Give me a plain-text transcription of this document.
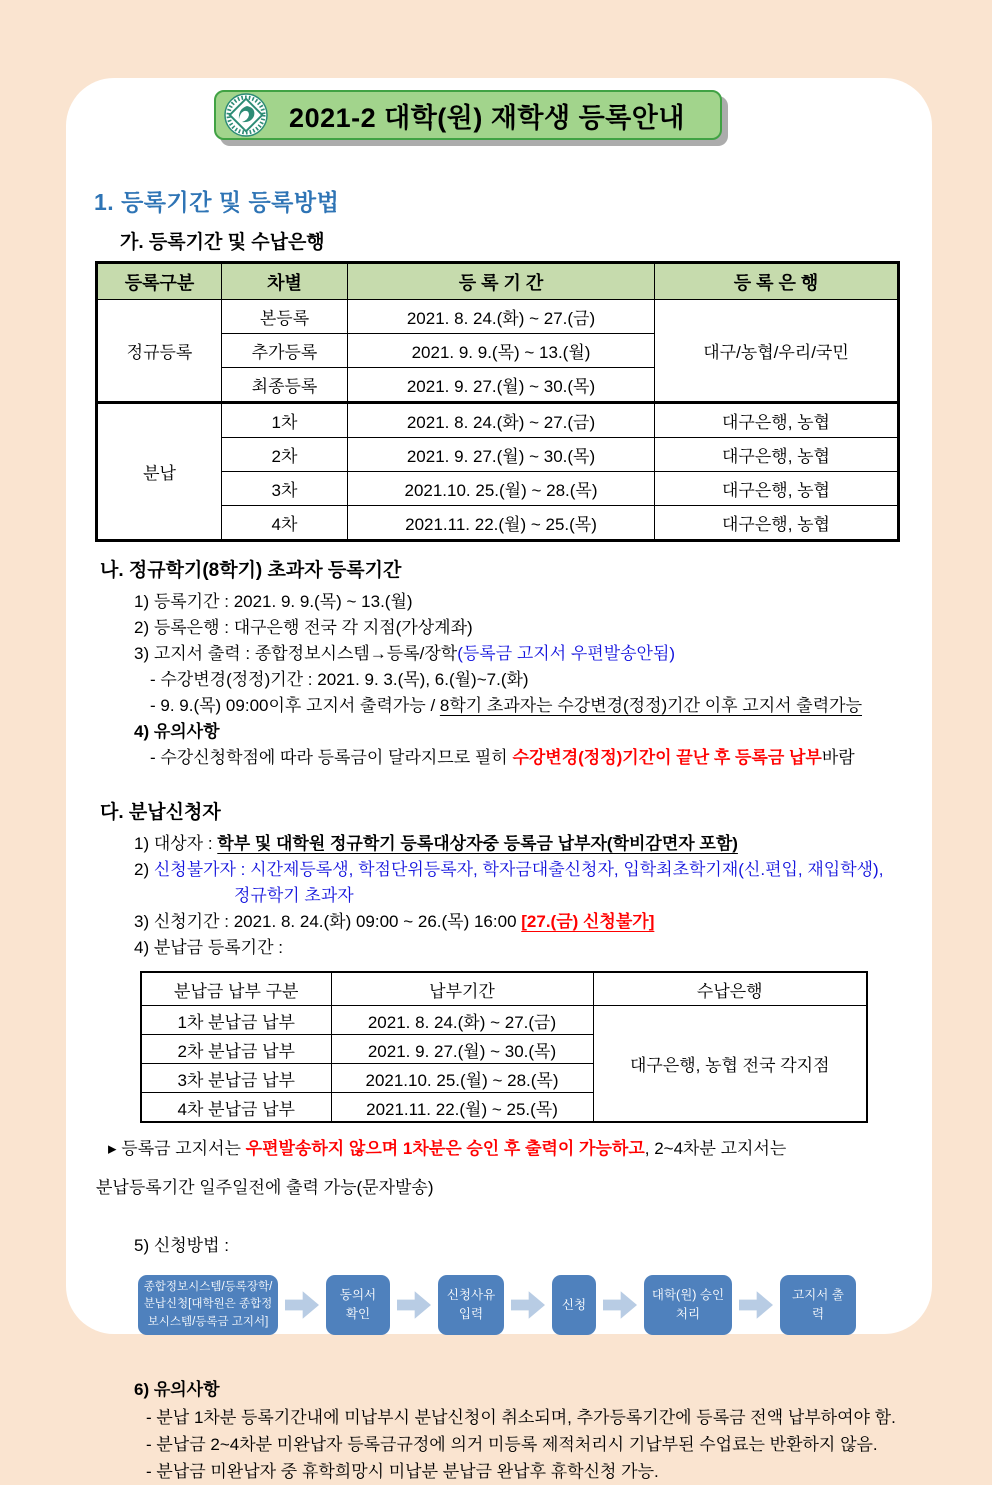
2021-2 대학(원) 재학생 등록안내
1. 등록기간 및 등록방법
가. 등록기간 및 수납은행
등록구분	차별	등 록 기 간	등 록 은 행
정규등록	본등록	2021. 8. 24.(화) ~ 27.(금)	대구/농협/우리/국민
	추가등록	2021. 9. 9.(목) ~ 13.(월)	
	최종등록	2021. 9. 27.(월) ~ 30.(목)	
분납	1차	2021. 8. 24.(화) ~ 27.(금)	대구은행, 농협
	2차	2021. 9. 27.(월) ~ 30.(목)	대구은행, 농협
	3차	2021.10. 25.(월) ~ 28.(목)	대구은행, 농협
	4차	2021.11. 22.(월) ~ 25.(목)	대구은행, 농협
나. 정규학기(8학기) 초과자 등록기간
1) 등록기간 : 2021. 9. 9.(목) ~ 13.(월)
2) 등록은행 : 대구은행 전국 각 지점(가상계좌)
3) 고지서 출력 : 종합정보시스템→등록/장학(등록금 고지서 우편발송안됨)
- 수강변경(정정)기간 : 2021. 9. 3.(목), 6.(월)~7.(화)
- 9. 9.(목) 09:00이후 고지서 출력가능 / 8학기 초과자는 수강변경(정정)기간 이후 고지서 출력가능
4) 유의사항
- 수강신청학점에 따라 등록금이 달라지므로 필히 수강변경(정정)기간이 끝난 후 등록금 납부바람
다. 분납신청자
1) 대상자 : 학부 및 대학원 정규학기 등록대상자중 등록금 납부자(학비감면자 포함)
2) 신청불가자 : 시간제등록생, 학점단위등록자, 학자금대출신청자, 입학최초학기재(신.편입, 재입학생),
정규학기 초과자
3) 신청기간 : 2021. 8. 24.(화) 09:00 ~ 26.(목) 16:00 [27.(금) 신청불가]
4) 분납금 등록기간 :
분납금 납부 구분	납부기간	수납은행
1차 분납금 납부	2021. 8. 24.(화) ~ 27.(금)	대구은행, 농협 전국 각지점
2차 분납금 납부	2021. 9. 27.(월) ~ 30.(목)	
3차 분납금 납부	2021.10. 25.(월) ~ 28.(목)	
4차 분납금 납부	2021.11. 22.(월) ~ 25.(목)	
▸ 등록금 고지서는 우편발송하지 않으며 1차분은 승인 후 출력이 가능하고, 2~4차분 고지서는
분납등록기간 일주일전에 출력 가능(문자발송)
5) 신청방법 :
종합정보시스템/등록장학/분납신청[대학원은 종합정보시스템/등록금 고지서]
동의서 확인
신청사유 입력
신청
대학(원) 승인처리
고지서 출력
6) 유의사항
- 분납 1차분 등록기간내에 미납부시 분납신청이 취소되며, 추가등록기간에 등록금 전액 납부하여야 함.
- 분납금 2~4차분 미완납자 등록금규정에 의거 미등록 제적처리시 기납부된 수업료는 반환하지 않음.
- 분납금 미완납자 중 휴학희망시 미납분 분납금 완납후 휴학신청 가능.
